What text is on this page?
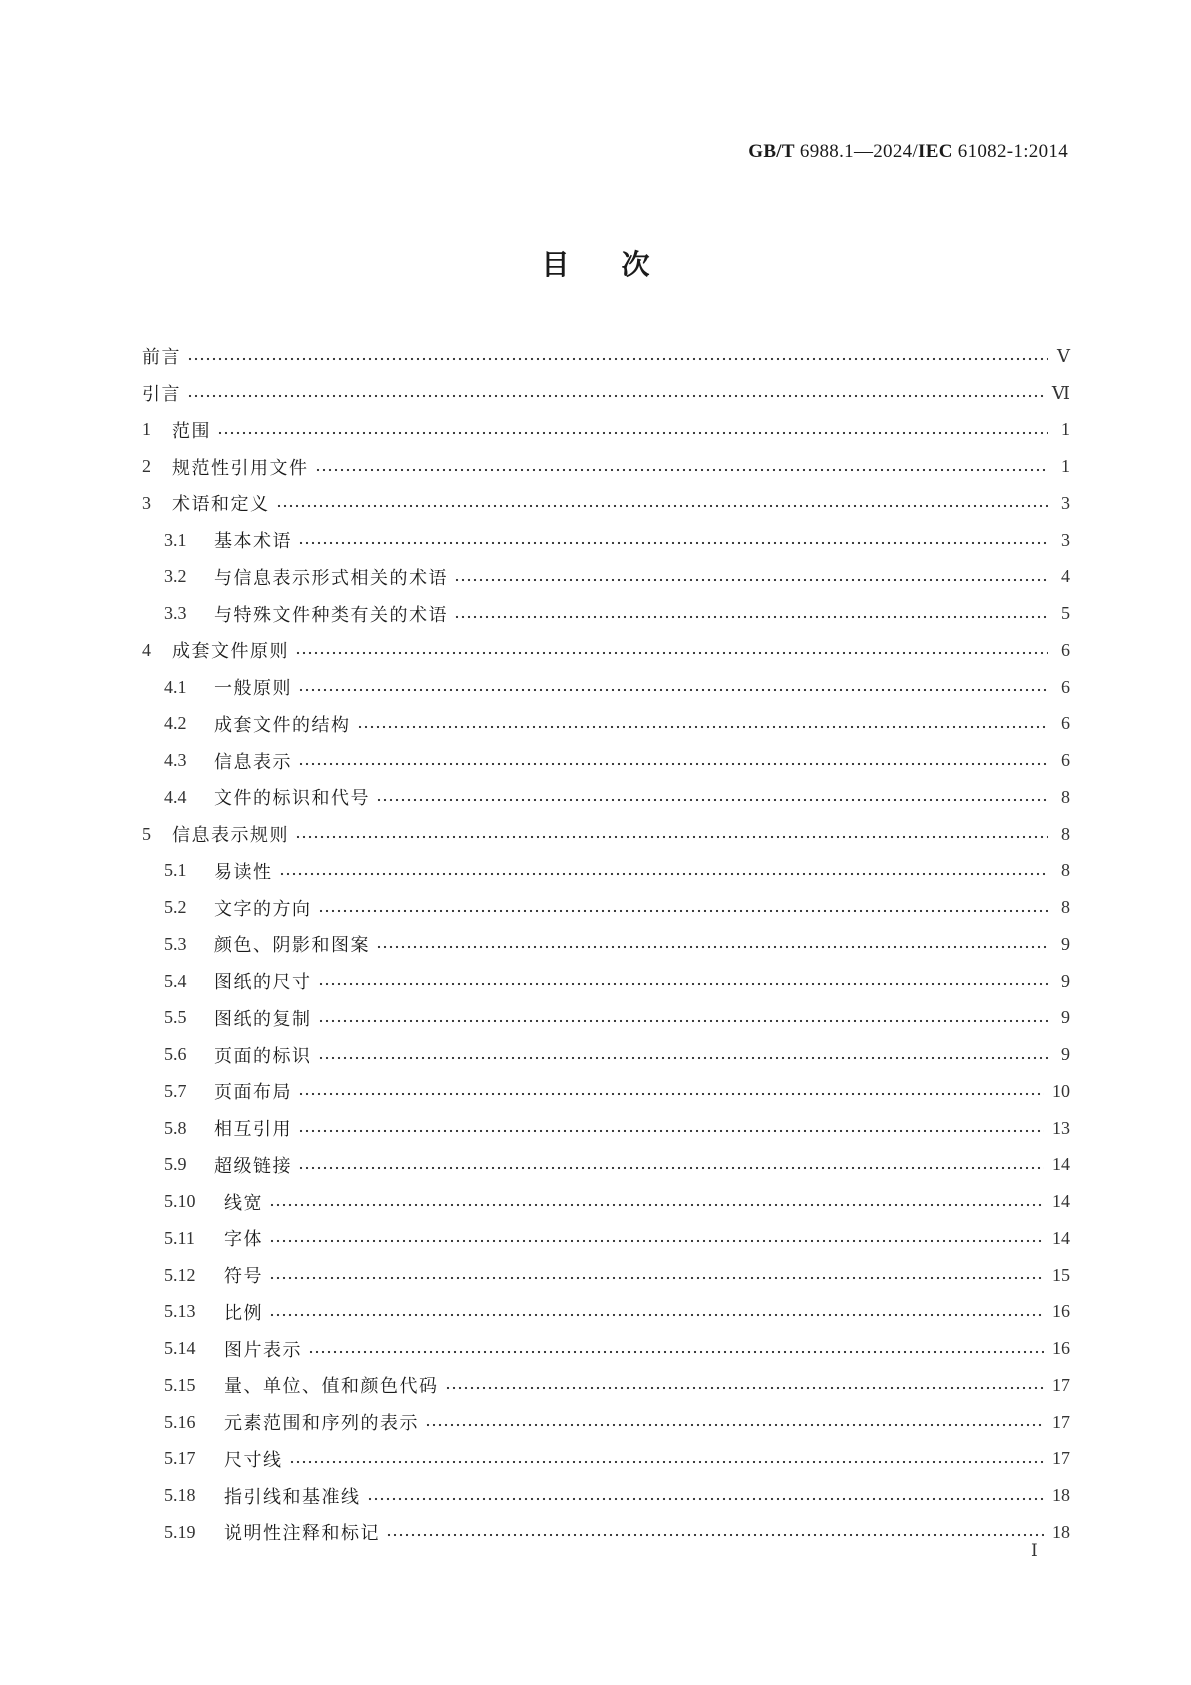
GB/T 6988.1—2024/IEC 61082-1:2014
目次
前言	Ⅴ
引言	Ⅵ
1	范围	1
2	规范性引用文件	1
3	术语和定义	3
3.1	基本术语	3
3.2	与信息表示形式相关的术语	4
3.3	与特殊文件种类有关的术语	5
4	成套文件原则	6
4.1	一般原则	6
4.2	成套文件的结构	6
4.3	信息表示	6
4.4	文件的标识和代号	8
5	信息表示规则	8
5.1	易读性	8
5.2	文字的方向	8
5.3	颜色、阴影和图案	9
5.4	图纸的尺寸	9
5.5	图纸的复制	9
5.6	页面的标识	9
5.7	页面布局	10
5.8	相互引用	13
5.9	超级链接	14
5.10	线宽	14
5.11	字体	14
5.12	符号	15
5.13	比例	16
5.14	图片表示	16
5.15	量、单位、值和颜色代码	17
5.16	元素范围和序列的表示	17
5.17	尺寸线	17
5.18	指引线和基准线	18
5.19	说明性注释和标记	18
Ⅰ
